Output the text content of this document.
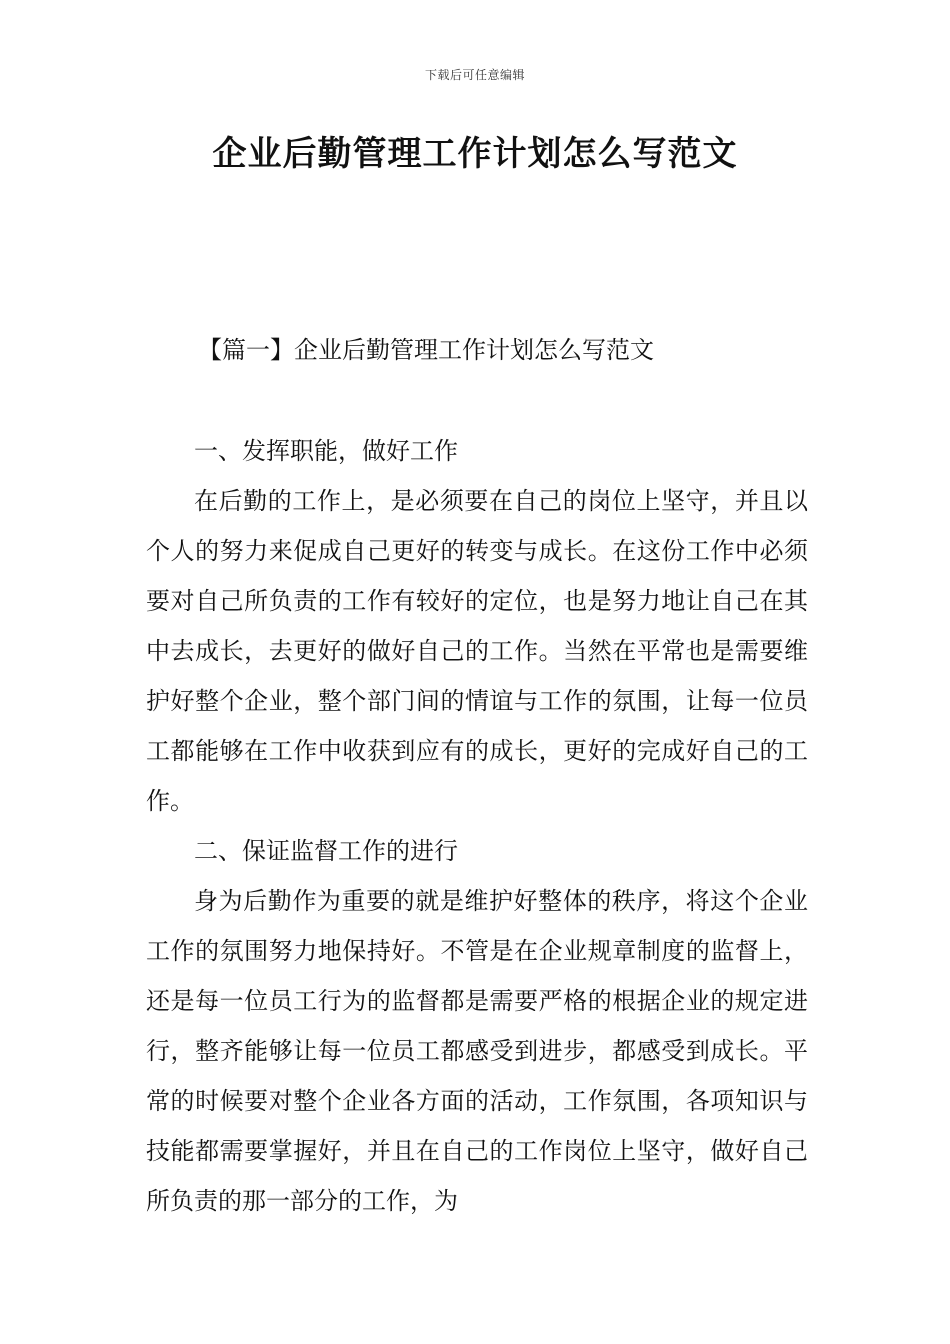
下载后可任意编辑
企业后勤管理工作计划怎么写范文
【篇一】企业后勤管理工作计划怎么写范文

一、发挥职能，做好工作

在后勤的工作上，是必须要在自己的岗位上坚守，并且以个人的努力来促成自己更好的转变与成长。在这份工作中必须要对自己所负责的工作有较好的定位，也是努力地让自己在其中去成长，去更好的做好自己的工作。当然在平常也是需要维护好整个企业，整个部门间的情谊与工作的氛围，让每一位员工都能够在工作中收获到应有的成长，更好的完成好自己的工作。

二、保证监督工作的进行

身为后勤作为重要的就是维护好整体的秩序，将这个企业工作的氛围努力地保持好。不管是在企业规章制度的监督上，还是每一位员工行为的监督都是需要严格的根据企业的规定进行，整齐能够让每一位员工都感受到进步，都感受到成长。平常的时候要对整个企业各方面的活动，工作氛围，各项知识与技能都需要掌握好，并且在自己的工作岗位上坚守，做好自己所负责的那一部分的工作，为
